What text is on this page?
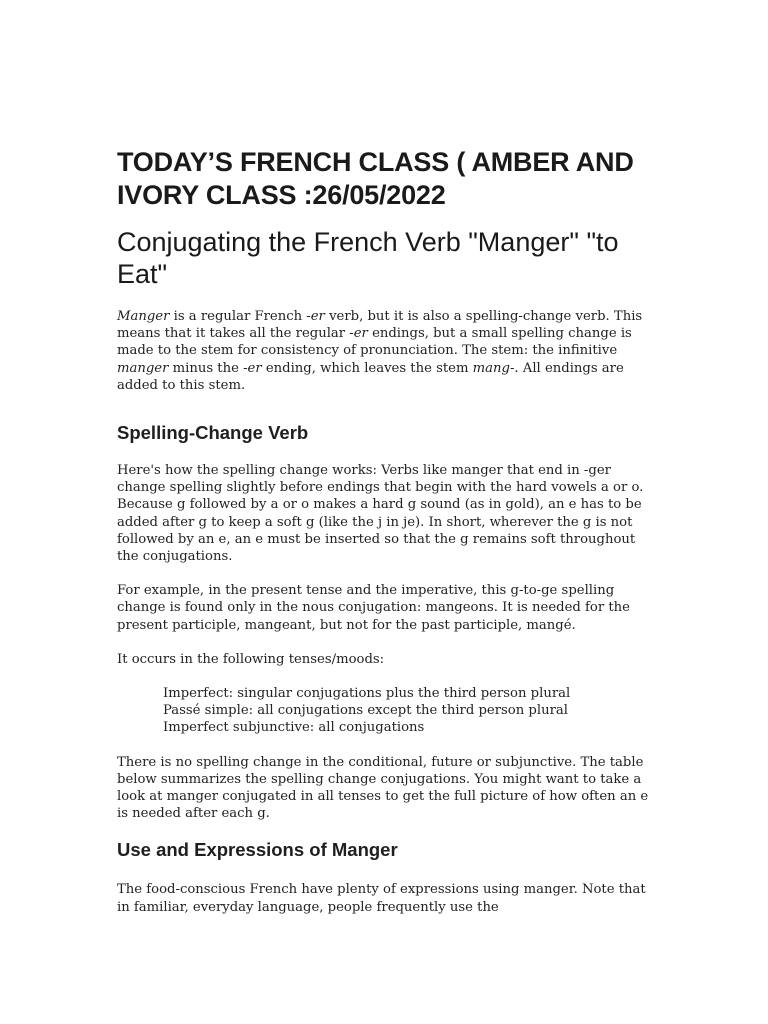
TODAY’S FRENCH CLASS ( AMBER AND IVORY CLASS :26/05/2022
Conjugating the French Verb "Manger" "to Eat"

Manger is a regular French -er verb, but it is also a spelling-change verb. This means that it takes all the regular -er endings, but a small spelling change is made to the stem for consistency of pronunciation. The stem: the infinitive manger minus the -er ending, which leaves the stem mang-. All endings are added to this stem.

Spelling-Change Verb

Here's how the spelling change works: Verbs like manger that end in -ger change spelling slightly before endings that begin with the hard vowels a or o. Because g followed by a or o makes a hard g sound (as in gold), an e has to be added after g to keep a soft g (like the j in je). In short, wherever the g is not followed by an e, an e must be inserted so that the g remains soft throughout the conjugations.

For example, in the present tense and the imperative, this g-to-ge spelling change is found only in the nous conjugation: mangeons. It is needed for the present participle, mangeant, but not for the past participle, mangé.

It occurs in the following tenses/moods:

Imperfect: singular conjugations plus the third person plural
Passé simple: all conjugations except the third person plural
Imperfect subjunctive: all conjugations

There is no spelling change in the conditional, future or subjunctive. The table below summarizes the spelling change conjugations. You might want to take a look at manger conjugated in all tenses to get the full picture of how often an e is needed after each g.

Use and Expressions of Manger

The food-conscious French have plenty of expressions using manger. Note that in familiar, everyday language, people frequently use the
